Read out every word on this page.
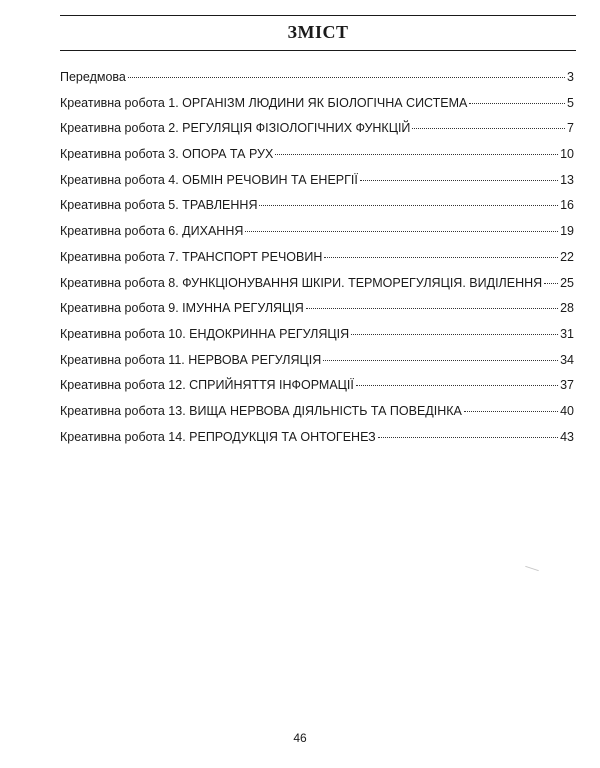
ЗМІСТ
Передмова	3
Креативна робота 1. ОРГАНІЗМ ЛЮДИНИ ЯК БІОЛОГІЧНА СИСТЕМА	5
Креативна робота 2. РЕГУЛЯЦІЯ ФІЗІОЛОГІЧНИХ ФУНКЦІЙ	7
Креативна робота 3. ОПОРА ТА РУХ	10
Креативна робота 4. ОБМІН РЕЧОВИН ТА ЕНЕРГІЇ	13
Креативна робота 5. ТРАВЛЕННЯ	16
Креативна робота 6. ДИХАННЯ	19
Креативна робота 7. ТРАНСПОРТ РЕЧОВИН	22
Креативна робота 8. ФУНКЦІОНУВАННЯ ШКІРИ. ТЕРМОРЕГУЛЯЦІЯ. ВИДІЛЕННЯ 25
Креативна робота 9. ІМУННА РЕГУЛЯЦІЯ	28
Креативна робота 10. ЕНДОКРИННА РЕГУЛЯЦІЯ	31
Креативна робота 11. НЕРВОВА РЕГУЛЯЦІЯ	34
Креативна робота 12. СПРИЙНЯТТЯ ІНФОРМАЦІЇ	37
Креативна робота 13. ВИЩА НЕРВОВА ДІЯЛЬНІСТЬ ТА ПОВЕДІНКА	40
Креативна робота 14. РЕПРОДУКЦІЯ ТА ОНТОГЕНЕЗ	43
46
